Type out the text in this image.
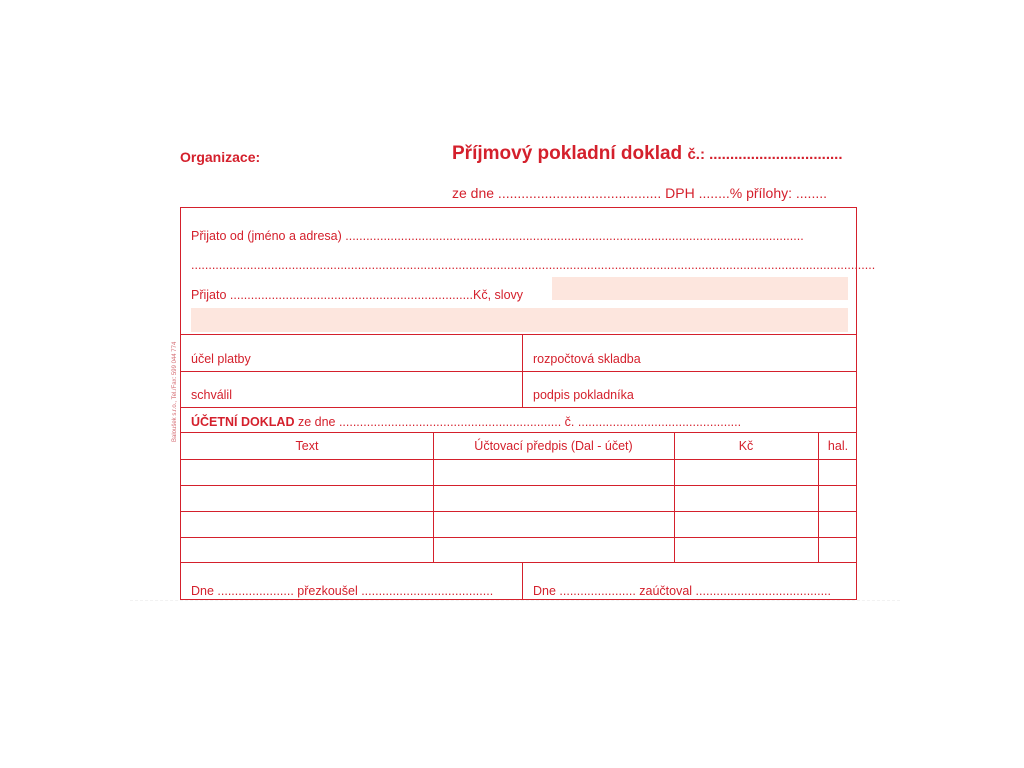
Organizace:	Příjmový pokladní doklad č.: ................................
ze dne .......................................... DPH ........% přílohy: ........
Baloušek s.r.o., Tel./Fax: 599 044 774
Přijato od (jméno a adresa) ....................................................................................................................................
.....................................................................................................................................................................................................
Přijato ......................................................................Kč, slovy
účel platby	rozpočtová skladba
schválil	podpis pokladníka
ÚČETNÍ DOKLAD ze dne ................................................................ č. ...............................................
Text	Účtovací předpis (Dal - účet)	Kč	hal.
Dne ...................... přezkoušel ......................................	Dne ...................... zaúčtoval .......................................
